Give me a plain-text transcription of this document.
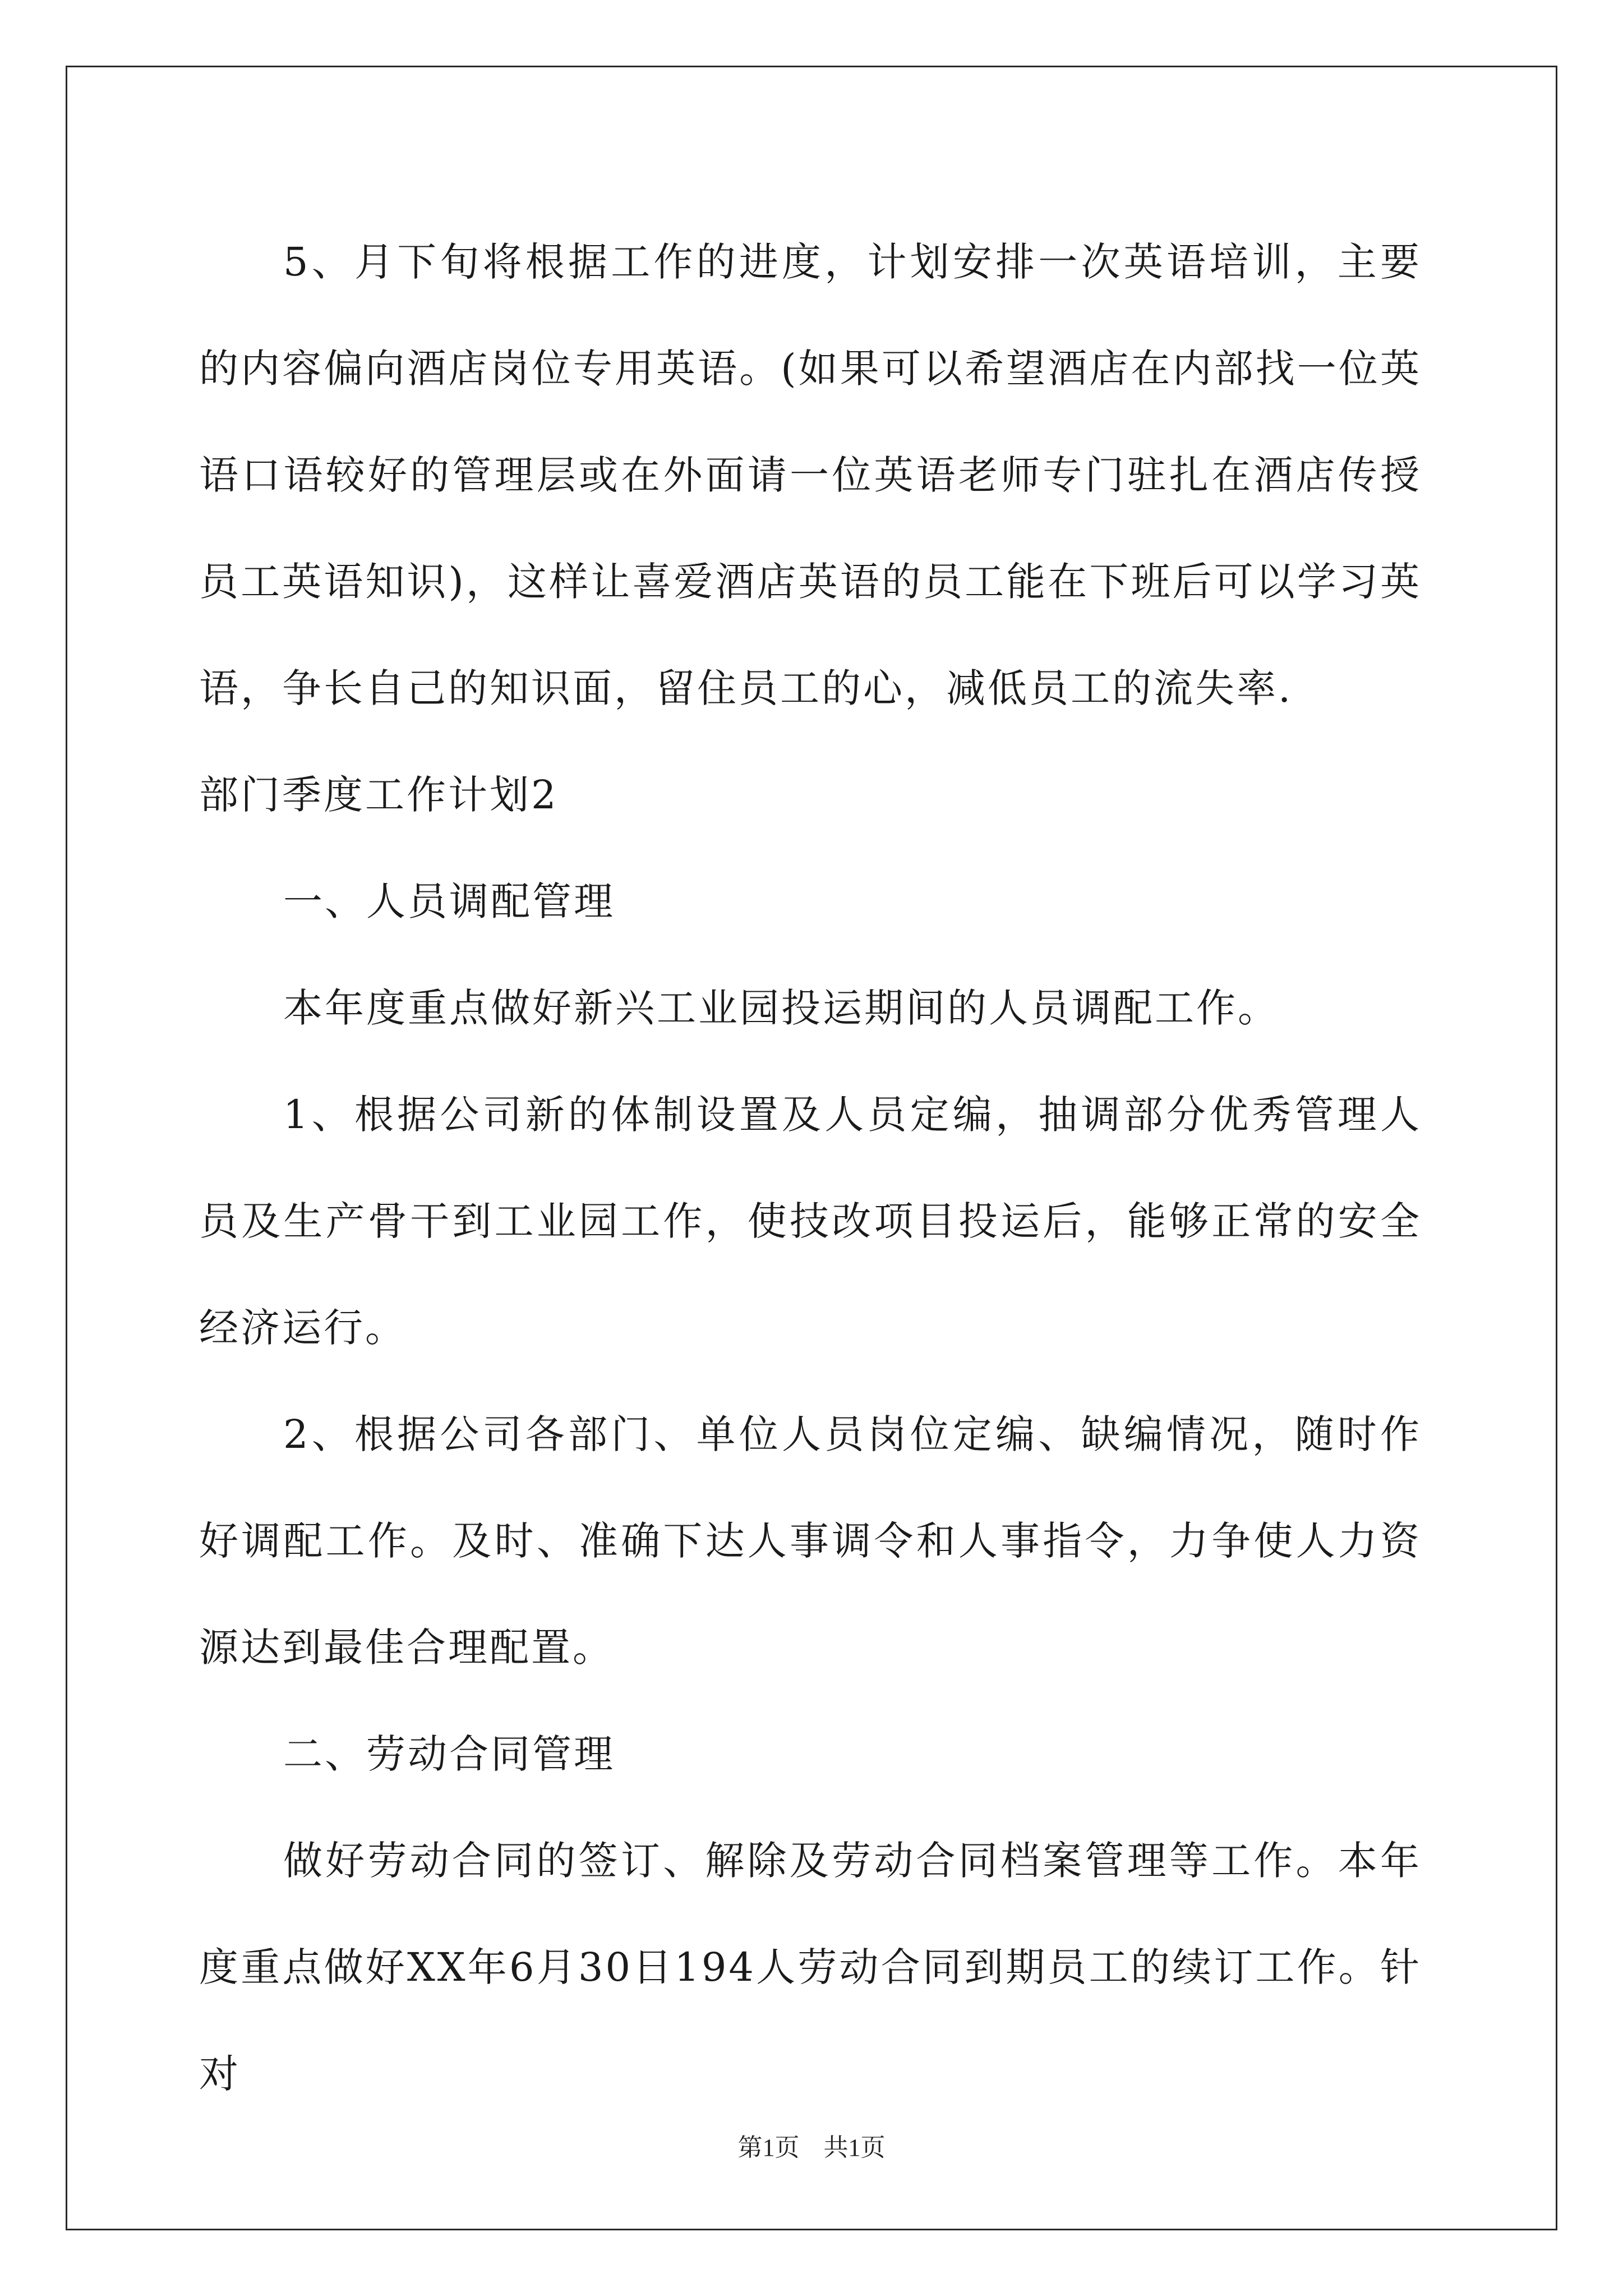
5、月下旬将根据工作的进度，计划安排一次英语培训，主要的内容偏向酒店岗位专用英语。(如果可以希望酒店在内部找一位英语口语较好的管理层或在外面请一位英语老师专门驻扎在酒店传授员工英语知识)，这样让喜爱酒店英语的员工能在下班后可以学习英语，争长自己的知识面，留住员工的心，减低员工的流失率.

部门季度工作计划2

一、人员调配管理

本年度重点做好新兴工业园投运期间的人员调配工作。

1、根据公司新的体制设置及人员定编，抽调部分优秀管理人员及生产骨干到工业园工作，使技改项目投运后，能够正常的安全经济运行。

2、根据公司各部门、单位人员岗位定编、缺编情况，随时作好调配工作。及时、准确下达人事调令和人事指令，力争使人力资源达到最佳合理配置。

二、劳动合同管理

做好劳动合同的签订、解除及劳动合同档案管理等工作。本年度重点做好XX年6月30日194人劳动合同到期员工的续订工作。针对

第1页 共1页
